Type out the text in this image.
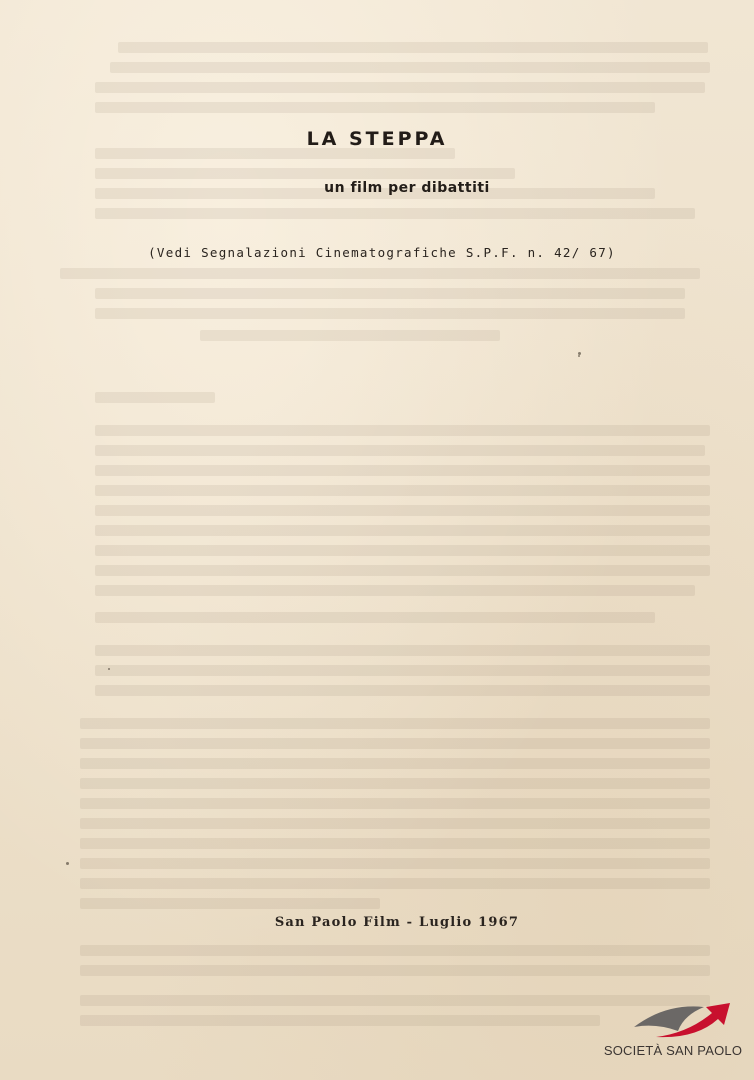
LA STEPPA
un film per dibattiti
(Vedi Segnalazioni Cinematografiche S.P.F. n. 42/ 67)
San Paolo Film - Luglio 1967
SOCIETÀ SAN PAOLO
